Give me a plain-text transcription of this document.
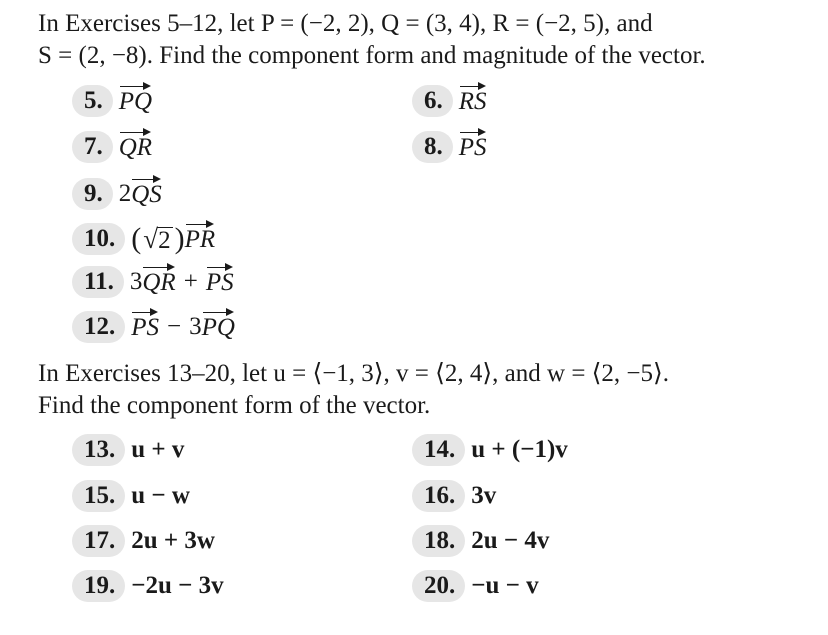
In Exercises 5–12, let P = (−2, 2), Q = (3, 4), R = (−2, 5), and
S = (2, −8). Find the component form and magnitude of the vector.
5. PQ	6. RS
7. QR	8. PS
9. 2 QS
10. ( √ 2 ) PR
11. 3 QR + PS
12. PS − 3 PQ
In Exercises 13–20, let u = ⟨−1, 3⟩, v = ⟨2, 4⟩, and w = ⟨2, −5⟩.
Find the component form of the vector.
13. u + v	14. u + (−1)v
15. u − w	16. 3v
17. 2u + 3w	18. 2u − 4v
19. −2u − 3v	20. −u − v
